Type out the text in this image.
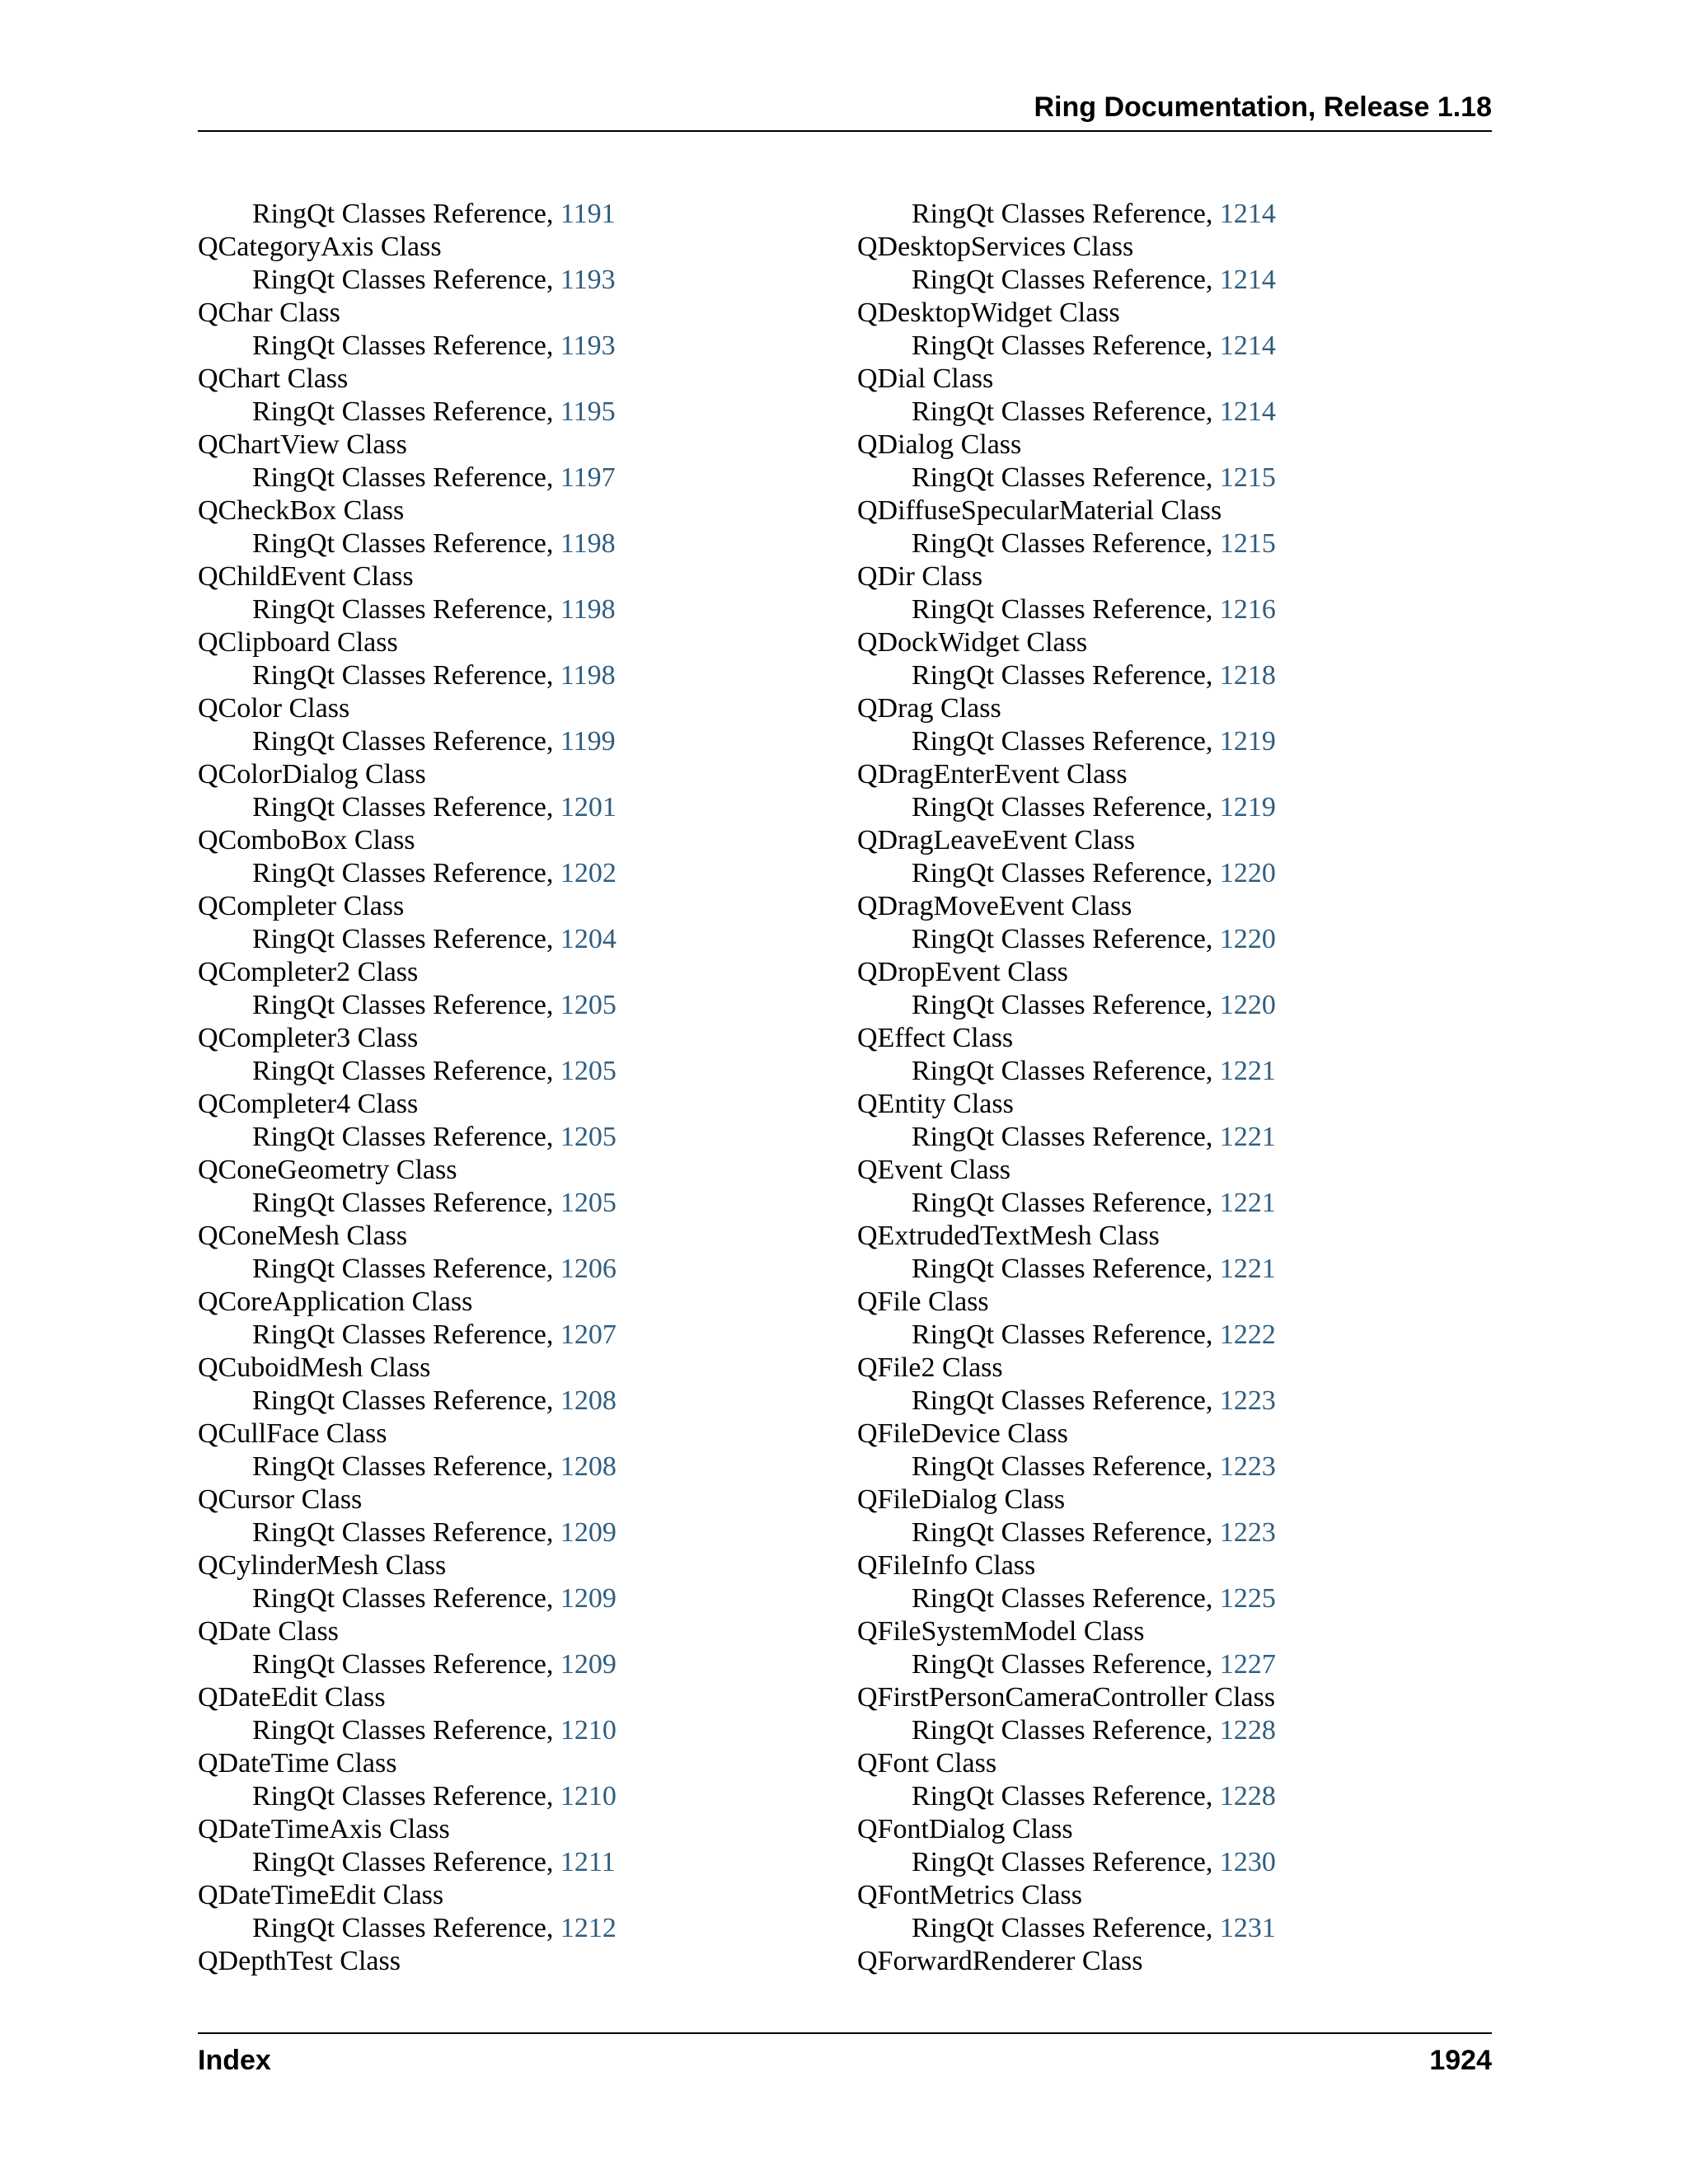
Ring Documentation, Release 1.18
RingQt Classes Reference, 1191
QCategoryAxis Class
RingQt Classes Reference, 1193
QChar Class
RingQt Classes Reference, 1193
QChart Class
RingQt Classes Reference, 1195
QChartView Class
RingQt Classes Reference, 1197
QCheckBox Class
RingQt Classes Reference, 1198
QChildEvent Class
RingQt Classes Reference, 1198
QClipboard Class
RingQt Classes Reference, 1198
QColor Class
RingQt Classes Reference, 1199
QColorDialog Class
RingQt Classes Reference, 1201
QComboBox Class
RingQt Classes Reference, 1202
QCompleter Class
RingQt Classes Reference, 1204
QCompleter2 Class
RingQt Classes Reference, 1205
QCompleter3 Class
RingQt Classes Reference, 1205
QCompleter4 Class
RingQt Classes Reference, 1205
QConeGeometry Class
RingQt Classes Reference, 1205
QConeMesh Class
RingQt Classes Reference, 1206
QCoreApplication Class
RingQt Classes Reference, 1207
QCuboidMesh Class
RingQt Classes Reference, 1208
QCullFace Class
RingQt Classes Reference, 1208
QCursor Class
RingQt Classes Reference, 1209
QCylinderMesh Class
RingQt Classes Reference, 1209
QDate Class
RingQt Classes Reference, 1209
QDateEdit Class
RingQt Classes Reference, 1210
QDateTime Class
RingQt Classes Reference, 1210
QDateTimeAxis Class
RingQt Classes Reference, 1211
QDateTimeEdit Class
RingQt Classes Reference, 1212
QDepthTest Class
RingQt Classes Reference, 1214
QDesktopServices Class
RingQt Classes Reference, 1214
QDesktopWidget Class
RingQt Classes Reference, 1214
QDial Class
RingQt Classes Reference, 1214
QDialog Class
RingQt Classes Reference, 1215
QDiffuseSpecularMaterial Class
RingQt Classes Reference, 1215
QDir Class
RingQt Classes Reference, 1216
QDockWidget Class
RingQt Classes Reference, 1218
QDrag Class
RingQt Classes Reference, 1219
QDragEnterEvent Class
RingQt Classes Reference, 1219
QDragLeaveEvent Class
RingQt Classes Reference, 1220
QDragMoveEvent Class
RingQt Classes Reference, 1220
QDropEvent Class
RingQt Classes Reference, 1220
QEffect Class
RingQt Classes Reference, 1221
QEntity Class
RingQt Classes Reference, 1221
QEvent Class
RingQt Classes Reference, 1221
QExtrudedTextMesh Class
RingQt Classes Reference, 1221
QFile Class
RingQt Classes Reference, 1222
QFile2 Class
RingQt Classes Reference, 1223
QFileDevice Class
RingQt Classes Reference, 1223
QFileDialog Class
RingQt Classes Reference, 1223
QFileInfo Class
RingQt Classes Reference, 1225
QFileSystemModel Class
RingQt Classes Reference, 1227
QFirstPersonCameraController Class
RingQt Classes Reference, 1228
QFont Class
RingQt Classes Reference, 1228
QFontDialog Class
RingQt Classes Reference, 1230
QFontMetrics Class
RingQt Classes Reference, 1231
QForwardRenderer Class
Index	1924
